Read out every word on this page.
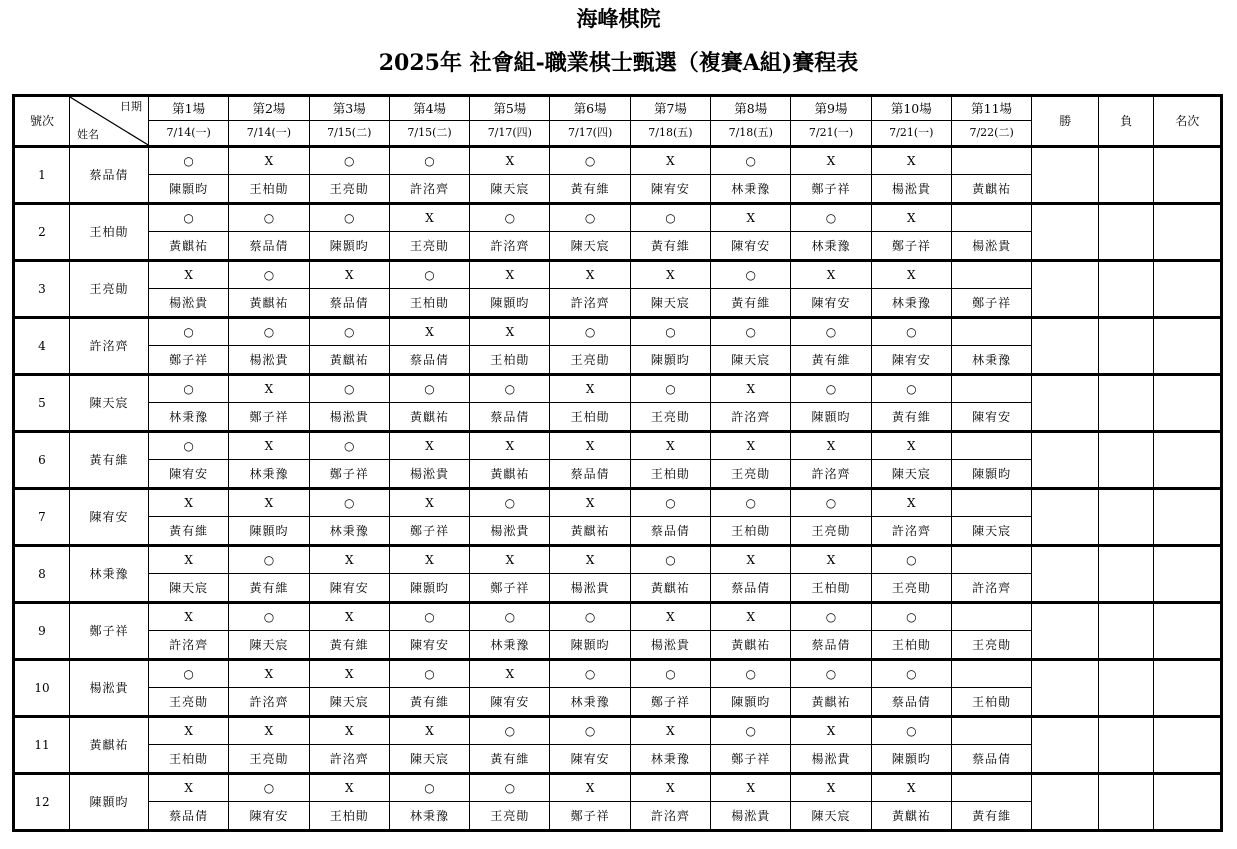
海峰棋院
2025年 社會組-職業棋士甄選（複賽A組)賽程表
號次	日期
姓名	第1場	第2場	第3場	第4場	第5場	第6場	第7場	第8場	第9場	第10場	第11場	勝	負	名次
		7/14(一)	7/14(一)	7/15(二)	7/15(二)	7/17(四)	7/17(四)	7/18(五)	7/18(五)	7/21(一)	7/21(一)	7/22(二)			
1	蔡品倩	○	X	○	○	X	○	X	○	X	X				
		陳顥昀	王柏勛	王亮勛	許洺齊	陳天宸	黃有維	陳宥安	林秉豫	鄭子祥	楊淞貴	黃麒祐			
2	王柏勛	○	○	○	X	○	○	○	X	○	X				
		黃麒祐	蔡品倩	陳顥昀	王亮勛	許洺齊	陳天宸	黃有維	陳宥安	林秉豫	鄭子祥	楊淞貴			
3	王亮勛	X	○	X	○	X	X	X	○	X	X				
		楊淞貴	黃麒祐	蔡品倩	王柏勛	陳顥昀	許洺齊	陳天宸	黃有維	陳宥安	林秉豫	鄭子祥			
4	許洺齊	○	○	○	X	X	○	○	○	○	○				
		鄭子祥	楊淞貴	黃麒祐	蔡品倩	王柏勛	王亮勛	陳顥昀	陳天宸	黃有維	陳宥安	林秉豫			
5	陳天宸	○	X	○	○	○	X	○	X	○	○				
		林秉豫	鄭子祥	楊淞貴	黃麒祐	蔡品倩	王柏勛	王亮勛	許洺齊	陳顥昀	黃有維	陳宥安			
6	黃有維	○	X	○	X	X	X	X	X	X	X				
		陳宥安	林秉豫	鄭子祥	楊淞貴	黃麒祐	蔡品倩	王柏勛	王亮勛	許洺齊	陳天宸	陳顥昀			
7	陳宥安	X	X	○	X	○	X	○	○	○	X				
		黃有維	陳顥昀	林秉豫	鄭子祥	楊淞貴	黃麒祐	蔡品倩	王柏勛	王亮勛	許洺齊	陳天宸			
8	林秉豫	X	○	X	X	X	X	○	X	X	○				
		陳天宸	黃有維	陳宥安	陳顥昀	鄭子祥	楊淞貴	黃麒祐	蔡品倩	王柏勛	王亮勛	許洺齊			
9	鄭子祥	X	○	X	○	○	○	X	X	○	○				
		許洺齊	陳天宸	黃有維	陳宥安	林秉豫	陳顥昀	楊淞貴	黃麒祐	蔡品倩	王柏勛	王亮勛			
10	楊淞貴	○	X	X	○	X	○	○	○	○	○				
		王亮勛	許洺齊	陳天宸	黃有維	陳宥安	林秉豫	鄭子祥	陳顥昀	黃麒祐	蔡品倩	王柏勛			
11	黃麒祐	X	X	X	X	○	○	X	○	X	○				
		王柏勛	王亮勛	許洺齊	陳天宸	黃有維	陳宥安	林秉豫	鄭子祥	楊淞貴	陳顥昀	蔡品倩			
12	陳顥昀	X	○	X	○	○	X	X	X	X	X				
		蔡品倩	陳宥安	王柏勛	林秉豫	王亮勛	鄭子祥	許洺齊	楊淞貴	陳天宸	黃麒祐	黃有維			
